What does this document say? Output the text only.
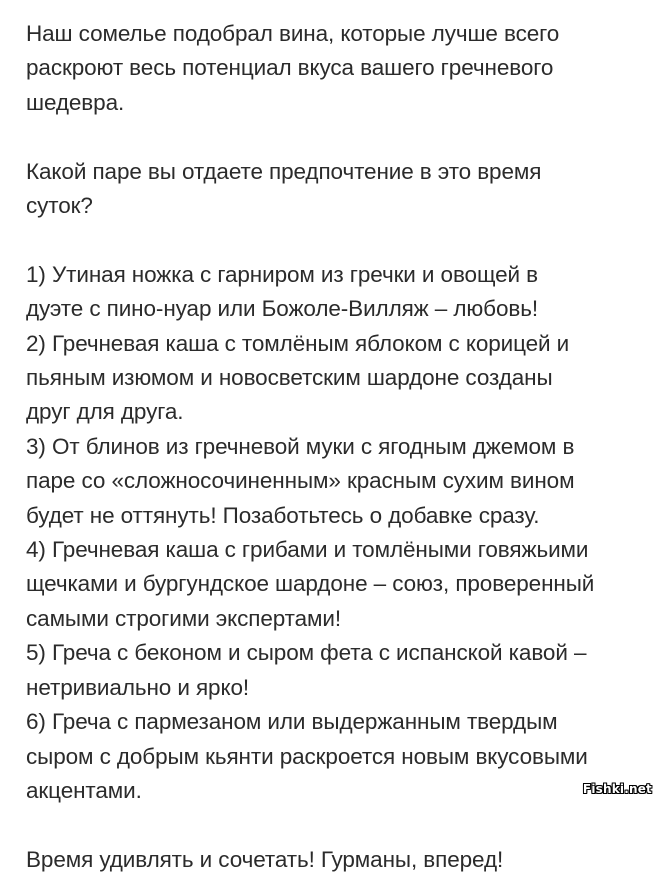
Наш сомелье подобрал вина, которые лучше всего
раскроют весь потенциал вкуса вашего гречневого
шедевра.

Какой паре вы отдаете предпочтение в это время
суток?

1) Утиная ножка с гарниром из гречки и овощей в
дуэте с пино-нуар или Божоле-Вилляж – любовь!

2) Гречневая каша с томлёным яблоком с корицей и
пьяным изюмом и новосветским шардоне созданы
друг для друга.

3) От блинов из гречневой муки с ягодным джемом в
паре со «сложносочиненным» красным сухим вином
будет не оттянуть! Позаботьтесь о добавке сразу.

4) Гречневая каша с грибами и томлёными говяжьими
щечками и бургундское шардоне – союз, проверенный
самыми строгими экспертами!

5) Греча с беконом и сыром фета с испанской кавой –
нетривиально и ярко!

6) Греча с пармезаном или выдержанным твердым
сыром с добрым кьянти раскроется новым вкусовыми
акцентами.

Время удивлять и сочетать! Гурманы, вперед!

Fishki.net
